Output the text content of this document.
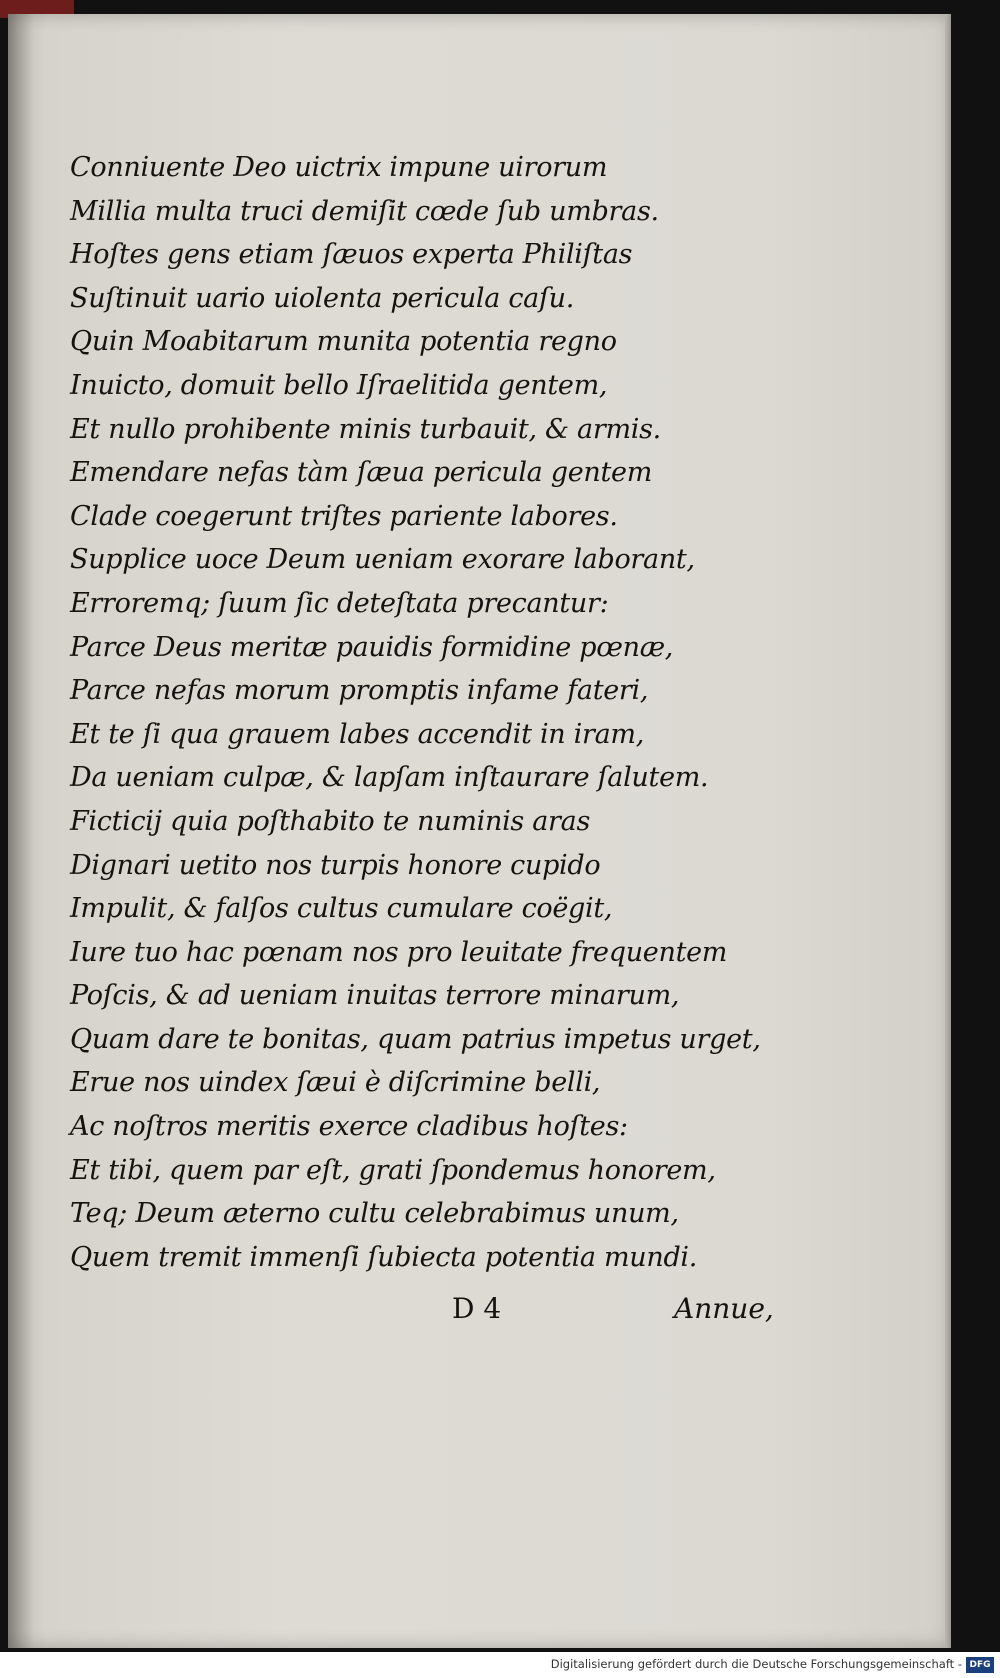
Conniuente Deo uictrix impune uirorum
Millia multa truci demiſit cœde ſub umbras.
Hoſtes gens etiam ſæuos experta Philiſtas
Suſtinuit uario uiolenta pericula caſu.
Quin Moabitarum munita potentia regno
Inuicto, domuit bello Iſraelitida gentem,
Et nullo prohibente minis turbauit, & armis.
Emendare nefas tàm ſæua pericula gentem
Clade coegerunt triſtes pariente labores.
Supplice uoce Deum ueniam exorare laborant,
Erroremq; ſuum ſic deteſtata precantur:
Parce Deus meritæ pauidis formidine pœnæ,
Parce nefas morum promptis infame fateri,
Et te ſi qua grauem labes accendit in iram,
Da ueniam culpæ, & lapſam inſtaurare ſalutem.
Ficticij quia poſthabito te numinis aras
Dignari uetito nos turpis honore cupido
Impulit, & falſos cultus cumulare coëgit,
Iure tuo hac pœnam nos pro leuitate frequentem
Poſcis, & ad ueniam inuitas terrore minarum,
Quam dare te bonitas, quam patrius impetus urget,
Erue nos uindex ſæui è diſcrimine belli,
Ac noſtros meritis exerce cladibus hoſtes:
Et tibi, quem par eſt, grati ſpondemus honorem,
Teq; Deum æterno cultu celebrabimus unum,
Quem tremit immenſi ſubiecta potentia mundi.
D 4	Annue,
Digitalisierung gefördert durch die Deutsche Forschungsgemeinschaft - DFG
